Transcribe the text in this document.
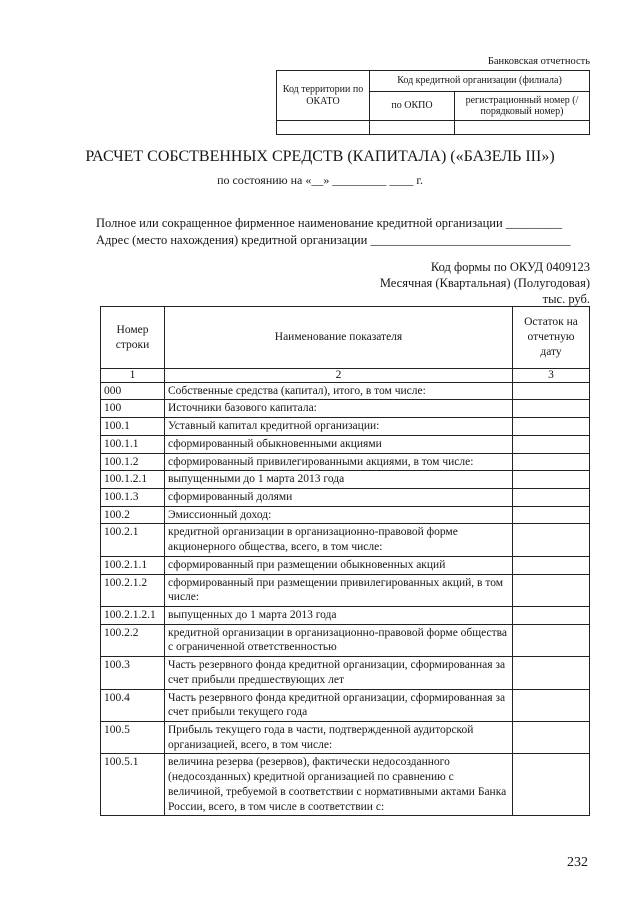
Банковская отчетность
Код территории по ОКАТО	Код кредитной организации (филиала)	
	по ОКПО	регистрационный номер (/порядковый номер)

РАСЧЕТ СОБСТВЕННЫХ СРЕДСТВ (КАПИТАЛА) («БАЗЕЛЬ III»)
по состоянию на «__» _________ ____ г.
Полное или сокращенное фирменное наименование кредитной организации _________
Адрес (место нахождения) кредитной организации ________________________________
Код формы по ОКУД 0409123
Месячная (Квартальная) (Полугодовая)
тыс. руб.
Номер строки	Наименование показателя	Остаток на отчетную дату
1	2	3
000	Собственные средства (капитал), итого, в том числе:	
100	Источники базового капитала:	
100.1	Уставный капитал кредитной организации:	
100.1.1	сформированный обыкновенными акциями	
100.1.2	сформированный привилегированными акциями, в том числе:	
100.1.2.1	выпущенными до 1 марта 2013 года	
100.1.3	сформированный долями	
100.2	Эмиссионный доход:	
100.2.1	кредитной организации в организационно-правовой форме акционерного общества, всего, в том числе:	
100.2.1.1	сформированный при размещении обыкновенных акций	
100.2.1.2	сформированный при размещении привилегированных акций, в том числе:	
100.2.1.2.1	выпущенных до 1 марта 2013 года	
100.2.2	кредитной организации в организационно-правовой форме общества с ограниченной ответственностью	
100.3	Часть резервного фонда кредитной организации, сформированная за счет прибыли предшествующих лет	
100.4	Часть резервного фонда кредитной организации, сформированная за счет прибыли текущего года	
100.5	Прибыль текущего года в части, подтвержденной аудиторской организацией, всего, в том числе:	
100.5.1	величина резерва (резервов), фактически недосозданного (недосозданных) кредитной организацией по сравнению с величиной, требуемой в соответствии с нормативными актами Банка России, всего, в том числе в соответствии с:	
232
